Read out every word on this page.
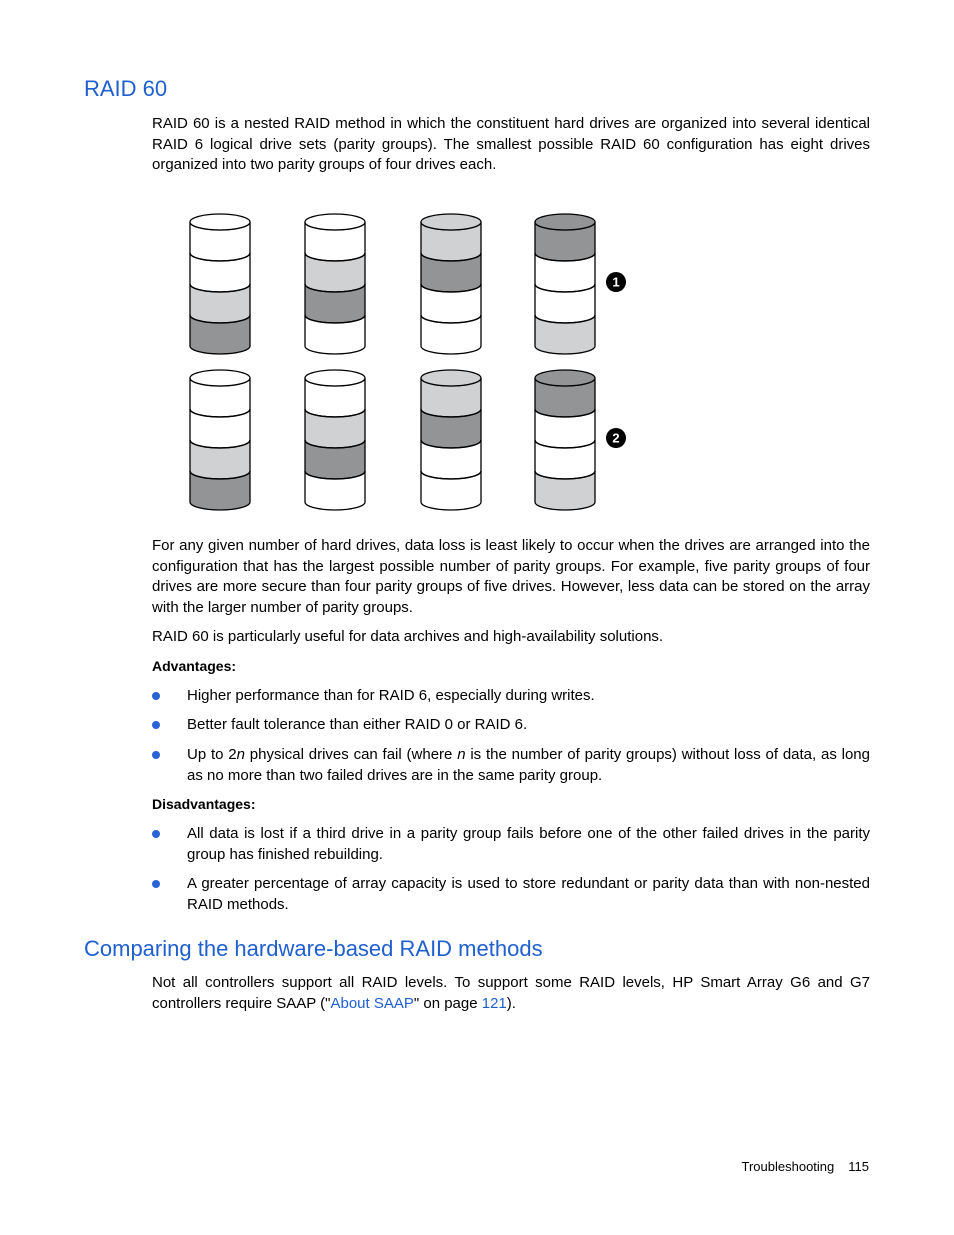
RAID 60

RAID 60 is a nested RAID method in which the constituent hard drives are organized into several identical RAID 6 logical drive sets (parity groups). The smallest possible RAID 60 configuration has eight drives organized into two parity groups of four drives each.

1
2

For any given number of hard drives, data loss is least likely to occur when the drives are arranged into the configuration that has the largest possible number of parity groups. For example, five parity groups of four drives are more secure than four parity groups of five drives. However, less data can be stored on the array with the larger number of parity groups.

RAID 60 is particularly useful for data archives and high-availability solutions.

Advantages:

Higher performance than for RAID 6, especially during writes.
Better fault tolerance than either RAID 0 or RAID 6.
Up to 2n physical drives can fail (where n is the number of parity groups) without loss of data, as long as no more than two failed drives are in the same parity group.

Disadvantages:

All data is lost if a third drive in a parity group fails before one of the other failed drives in the parity group has finished rebuilding.
A greater percentage of array capacity is used to store redundant or parity data than with non-nested RAID methods.
Comparing the hardware-based RAID methods

Not all controllers support all RAID levels. To support some RAID levels, HP Smart Array G6 and G7 controllers require SAAP ("About SAAP" on page 121).

Troubleshooting 115
